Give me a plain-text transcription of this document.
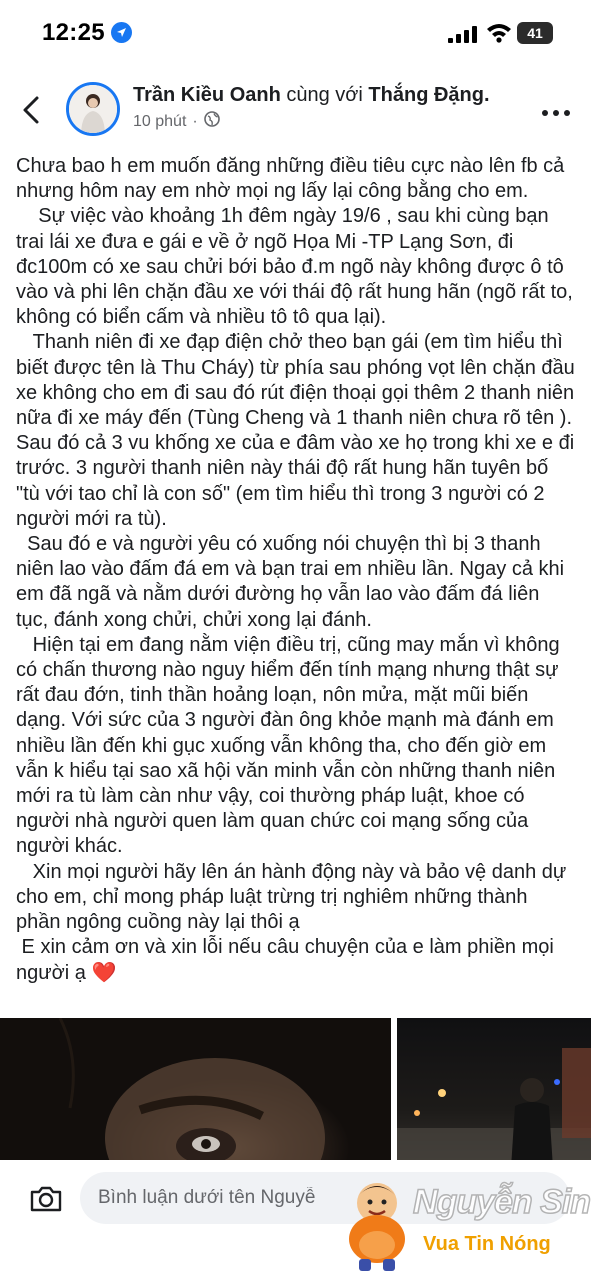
12:25	41
Trần Kiều Oanh cùng với Thắng Đặng.
10 phút ·

Chưa bao h em muốn đăng những điều tiêu cực nào lên fb cả nhưng hôm nay em nhờ mọi ng lấy lại công bằng cho em.

Sự việc vào khoảng 1h đêm ngày 19/6 , sau khi cùng bạn trai lái xe đưa e gái e về ở ngõ Họa Mi -TP Lạng Sơn, đi đc100m có xe sau chửi bới bảo đ.m ngõ này không được ô tô vào và phi lên chặn đầu xe với thái độ rất hung hãn (ngõ rất to, không có biển cấm và nhiều tô tô qua lại).

Thanh niên đi xe đạp điện chở theo bạn gái (em tìm hiểu thì biết được tên là Thu Cháy) từ phía sau phóng vọt lên chặn đầu xe không cho em đi sau đó rút điện thoại gọi thêm 2 thanh niên nữa đi xe máy đến (Tùng Cheng và 1 thanh niên chưa rõ tên ). Sau đó cả 3 vu khống xe của e đâm vào xe họ trong khi xe e đi trước. 3 người thanh niên này thái độ rất hung hãn tuyên bố "tù với tao chỉ là con số" (em tìm hiểu thì trong 3 người có 2 người mới ra tù).

Sau đó e và người yêu có xuống nói chuyện thì bị 3 thanh niên lao vào đấm đá em và bạn trai em nhiều lần. Ngay cả khi em đã ngã và nằm dưới đường họ vẫn lao vào đấm đá liên tục, đánh xong chửi, chửi xong lại đánh.

Hiện tại em đang nằm viện điều trị, cũng may mắn vì không có chấn thương nào nguy hiểm đến tính mạng nhưng thật sự rất đau đớn, tinh thần hoảng loạn, nôn mửa, mặt mũi biến dạng. Với sức của 3 người đàn ông khỏe mạnh mà đánh em nhiều lần đến khi gục xuống vẫn không tha, cho đến giờ em vẫn k hiểu tại sao xã hội văn minh vẫn còn những thanh niên mới ra tù làm càn như vậy, coi thường pháp luật, khoe có người nhà người quen làm quan chức coi mạng sống của người khác.

Xin mọi người hãy lên án hành động này và bảo vệ danh dự cho em, chỉ mong pháp luật trừng trị nghiêm những thành phần ngông cuồng này lại thôi ạ

E xin cảm ơn và xin lỗi nếu câu chuyện của e làm phiền mọi người ạ ❤️

Bình luận dưới tên Nguyễ
Nguyễn Sin
Vua Tin Nóng
